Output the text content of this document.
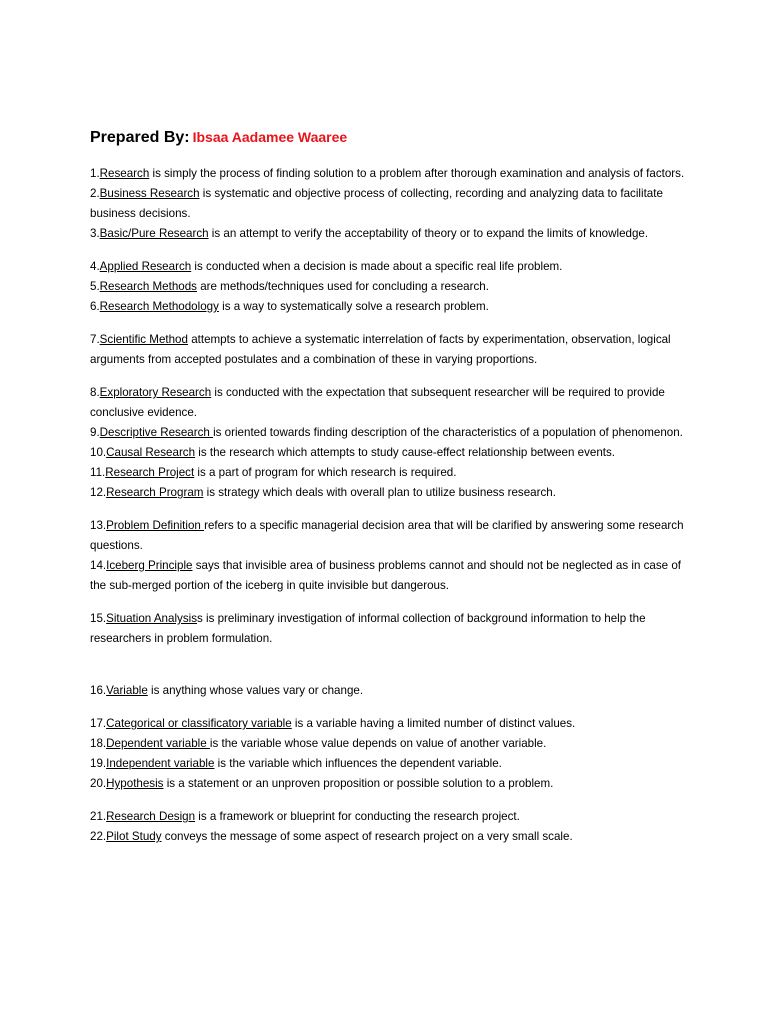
Prepared By: Ibsaa Aadamee Waaree

1.Research is simply the process of finding solution to a problem after thorough examination and analysis of factors.

2.Business Research is systematic and objective process of collecting, recording and analyzing data to facilitate business decisions.

3.Basic/Pure Research is an attempt to verify the acceptability of theory or to expand the limits of knowledge.

4.Applied Research is conducted when a decision is made about a specific real life problem.

5.Research Methods are methods/techniques used for concluding a research.

6.Research Methodology is a way to systematically solve a research problem.

7.Scientific Method attempts to achieve a systematic interrelation of facts by experimentation, observation, logical arguments from accepted postulates and a combination of these in varying proportions.

8.Exploratory Research is conducted with the expectation that subsequent researcher will be required to provide conclusive evidence.

9.Descriptive Research is oriented towards finding description of the characteristics of a population of phenomenon.

10.Causal Research is the research which attempts to study cause-effect relationship between events.

11.Research Project is a part of program for which research is required.

12.Research Program is strategy which deals with overall plan to utilize business research.

13.Problem Definition refers to a specific managerial decision area that will be clarified by answering some research questions.

14.Iceberg Principle says that invisible area of business problems cannot and should not be neglected as in case of the sub-merged portion of the iceberg in quite invisible but dangerous.

15.Situation Analysiss is preliminary investigation of informal collection of background information to help the researchers in problem formulation.

16.Variable is anything whose values vary or change.

17.Categorical or classificatory variable is a variable having a limited number of distinct values.

18.Dependent variable is the variable whose value depends on value of another variable.

19.Independent variable is the variable which influences the dependent variable.

20.Hypothesis is a statement or an unproven proposition or possible solution to a problem.

21.Research Design is a framework or blueprint for conducting the research project.

22.Pilot Study conveys the message of some aspect of research project on a very small scale.
